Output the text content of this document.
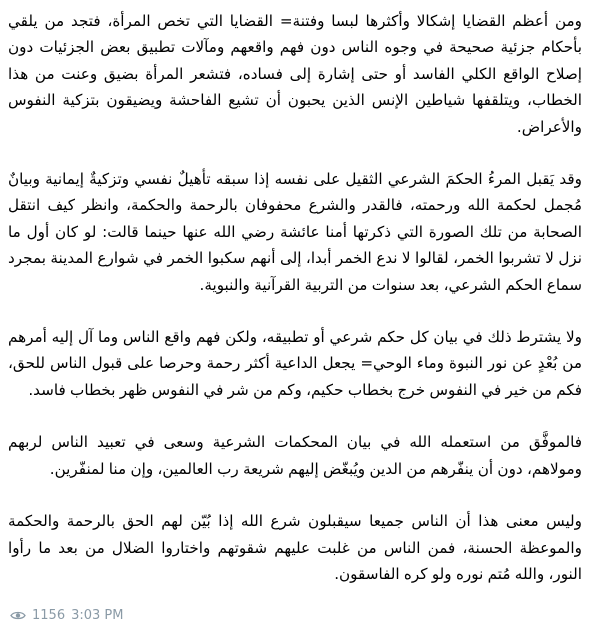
ومن أعظم القضايا إشكالا وأكثرها لبسا وفتنة= القضايا التي تخص المرأة، فتجد من يلقي بأحكام جزئية صحيحة في وجوه الناس دون فهم واقعهم ومآلات تطبيق بعض الجزئيات دون إصلاح الواقع الكلي الفاسد أو حتى إشارة إلى فساده، فتشعر المرأة بضيق وعنت من هذا الخطاب، ويتلقفها شياطين الإنس الذين يحبون أن تشيع الفاحشة ويضيقون بتزكية النفوس والأعراض.

وقد يَقبل المرءُ الحكمَ الشرعي الثقيل على نفسه إذا سبقه تأهيلٌ نفسي وتزكيةٌ إيمانية وبيانٌ مُجمل لحكمة الله ورحمته، فالقدر والشرع محفوفان بالرحمة والحكمة، وانظر كيف انتقل الصحابة من تلك الصورة التي ذكرتها أمنا عائشة رضي الله عنها حينما قالت: لو كان أول ما نزل لا تشربوا الخمر، لقالوا لا ندع الخمر أبدا، إلى أنهم سكبوا الخمر في شوارع المدينة بمجرد سماع الحكم الشرعي، بعد سنوات من التربية القرآنية والنبوية.

ولا يشترط ذلك في بيان كل حكم شرعي أو تطبيقه، ولكن فهم واقع الناس وما آل إليه أمرهم من بُعْدٍ عن نور النبوة وماء الوحي= يجعل الداعية أكثر رحمة وحرصا على قبول الناس للحق، فكم من خير في النفوس خرج بخطاب حكيم، وكم من شر في النفوس ظهر بخطاب فاسد.

فالموفَّق من استعمله الله في بيان المحكمات الشرعية وسعى في تعبيد الناس لربهم ومولاهم، دون أن ينفّرهم من الدين ويُبغّض إليهم شريعة رب العالمين، وإن منا لمنفّرين.

وليس معنى هذا أن الناس جميعا سيقبلون شرع الله إذا بُيّن لهم الحق بالرحمة والحكمة والموعظة الحسنة، فمن الناس من غلبت عليهم شقوتهم واختاروا الضلال من بعد ما رأوا النور، والله مُتم نوره ولو كره الفاسقون.

1156 3:03 PM
